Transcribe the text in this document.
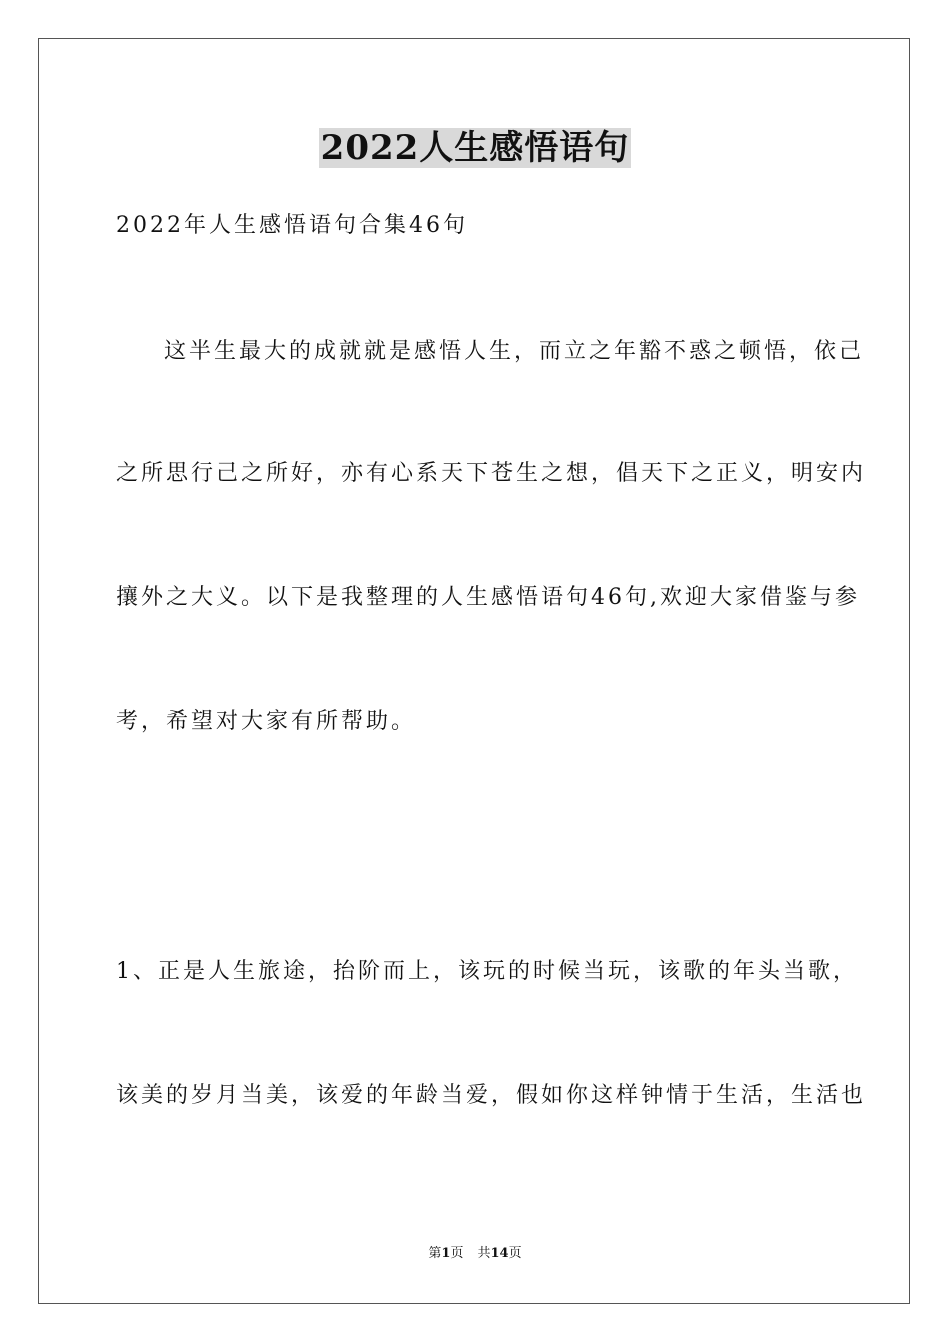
2022人生感悟语句
2022年人生感悟语句合集46句
这半生最大的成就就是感悟人生，而立之年豁不惑之顿悟，依己
之所思行己之所好，亦有心系天下苍生之想，倡天下之正义，明安内
攘外之大义。以下是我整理的人生感悟语句46句,欢迎大家借鉴与参
考，希望对大家有所帮助。
1、正是人生旅途，抬阶而上，该玩的时候当玩，该歌的年头当歌，
该美的岁月当美，该爱的年龄当爱，假如你这样钟情于生活，生活也
第1页 共14页
